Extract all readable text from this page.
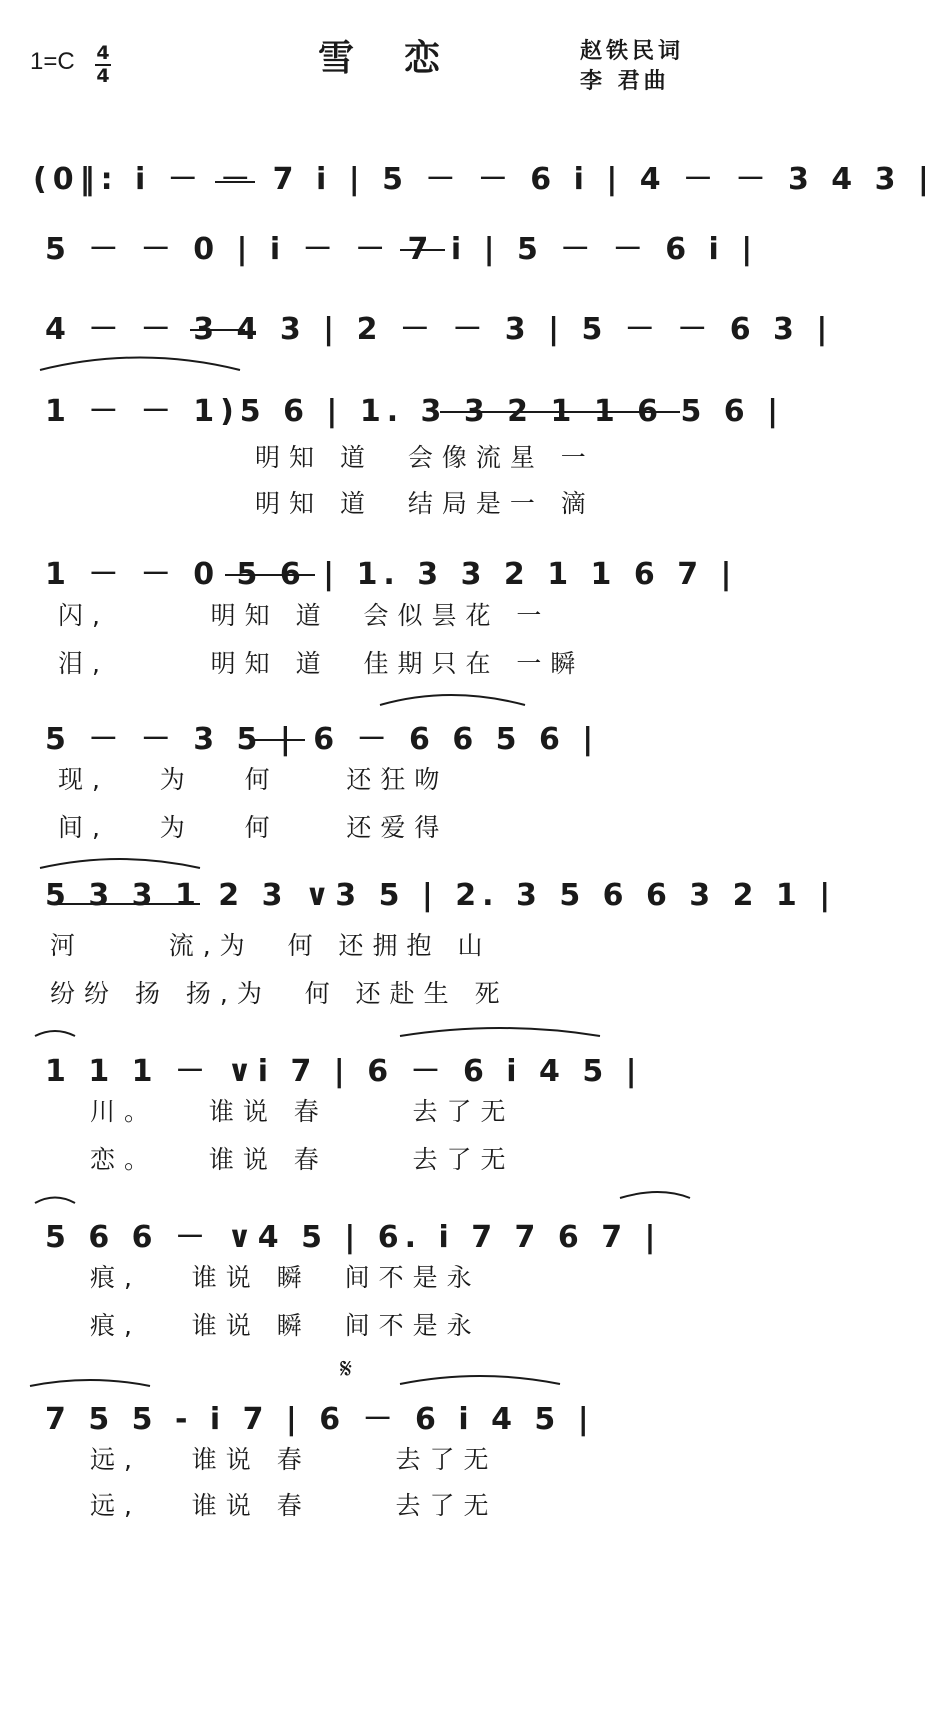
1=C 4
4	雪恋	赵铁民词
李 君曲
(0‖: i － － 7 i | 5 － － 6 i | 4 － － 3 4 3 |
5 － － 0 | i － － 7 i | 5 － － 6 i |
4 － － 3 4 3 | 2 － － 3 | 5 － － 6 3 |
1 － － 1)5 6 | 1. 3 3 2 1 1 6 5 6 |
明知 道  会像流星 一
明知 道  结局是一 滴
1 － － 0 5 6 | 1. 3 3 2 1 1 6 7 |
闪,      明知 道  会似昙花 一
泪,      明知 道  佳期只在 一瞬
5 － － 3 5 | 6 － 6 6 5 6 |
现,   为   何    还狂吻
间,   为   何    还爱得
5 3 3 1 2 3 ∨3 5 | 2. 3 5 6 6 3 2 1 |
河     流,为  何 还拥抱 山
纷纷 扬 扬,为  何 还赴生 死
1 1 1 － ∨i 7 | 6 － 6 i 4 5 |
川。   谁说 春     去了无
恋。   谁说 春     去了无
5 6 6 － ∨4 5 | 6. i 7 7 6 7 |
痕,   谁说 瞬  间不是永
痕,   谁说 瞬  间不是永
𝄋
7 5 5 - i 7 | 6 － 6 i 4 5 |
远,   谁说 春     去了无
远,   谁说 春     去了无
